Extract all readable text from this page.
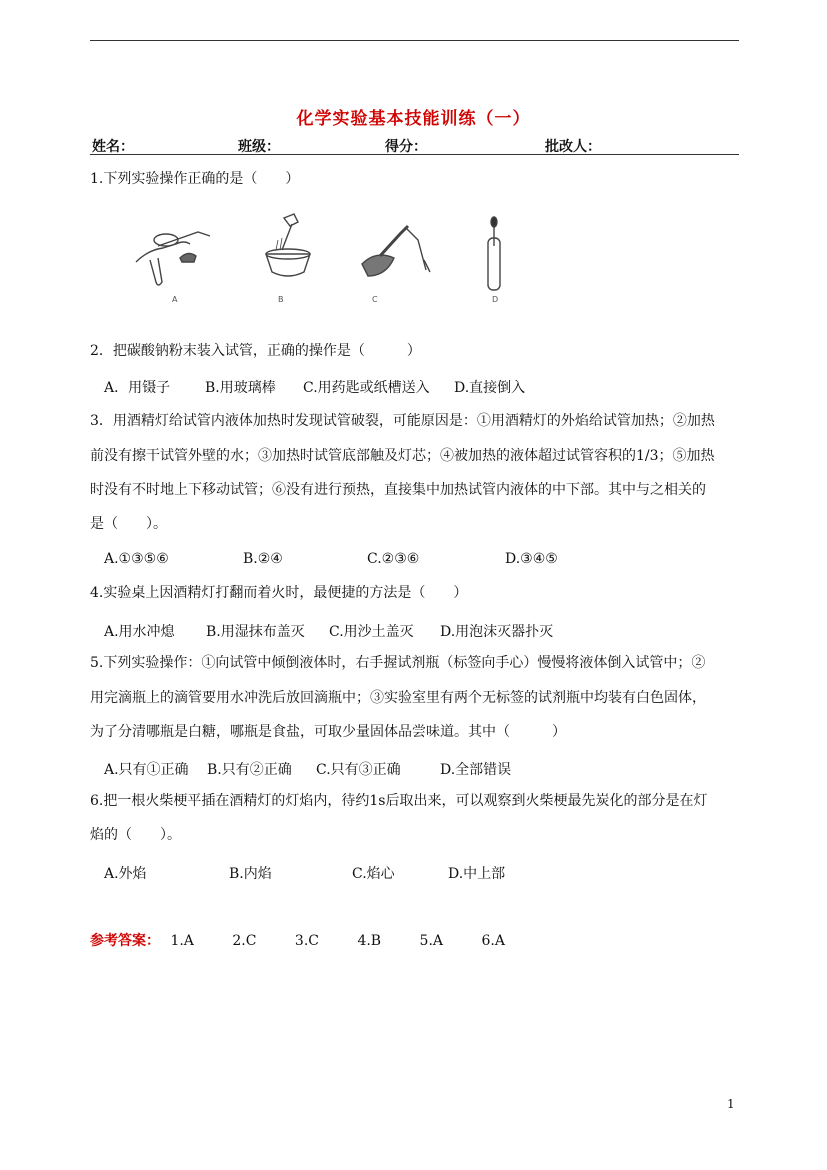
化学实验基本技能训练（一）
姓名：	班级：	得分：	批改人：
1.下列实验操作正确的是（　　）
A	B	C	D
2．把碳酸钠粉末装入试管，正确的操作是（　　　）
A．用镊子 B.用玻璃棒 C.用药匙或纸槽送入 D.直接倒入
3．用酒精灯给试管内液体加热时发现试管破裂，可能原因是：①用酒精灯的外焰给试管加热；②加热
前没有擦干试管外壁的水；③加热时试管底部触及灯芯；④被加热的液体超过试管容积的1/3；⑤加热
时没有不时地上下移动试管；⑥没有进行预热，直接集中加热试管内液体的中下部。其中与之相关的
是（　　）。
A.①③⑤⑥	B.②④	C.②③⑥	D.③④⑤
4.实验桌上因酒精灯打翻而着火时，最便捷的方法是（　　）
A.用水冲熄 B.用湿抹布盖灭 C.用沙土盖灭 D.用泡沫灭器扑灭
5.下列实验操作：①向试管中倾倒液体时，右手握试剂瓶（标签向手心）慢慢将液体倒入试管中；②
用完滴瓶上的滴管要用水冲洗后放回滴瓶中；③实验室里有两个无标签的试剂瓶中均装有白色固体，
为了分清哪瓶是白糖，哪瓶是食盐，可取少量固体品尝味道。其中（　　　）
A.只有①正确 B.只有②正确 C.只有③正确	D.全部错误
6.把一根火柴梗平插在酒精灯的灯焰内，待约1s后取出来，可以观察到火柴梗最先炭化的部分是在灯
焰的（　　）。
A.外焰	B.内焰	C.焰心	D.中上部
参考答案： 1.A	2.C	3.C	4.B	5.A	6.A
1
